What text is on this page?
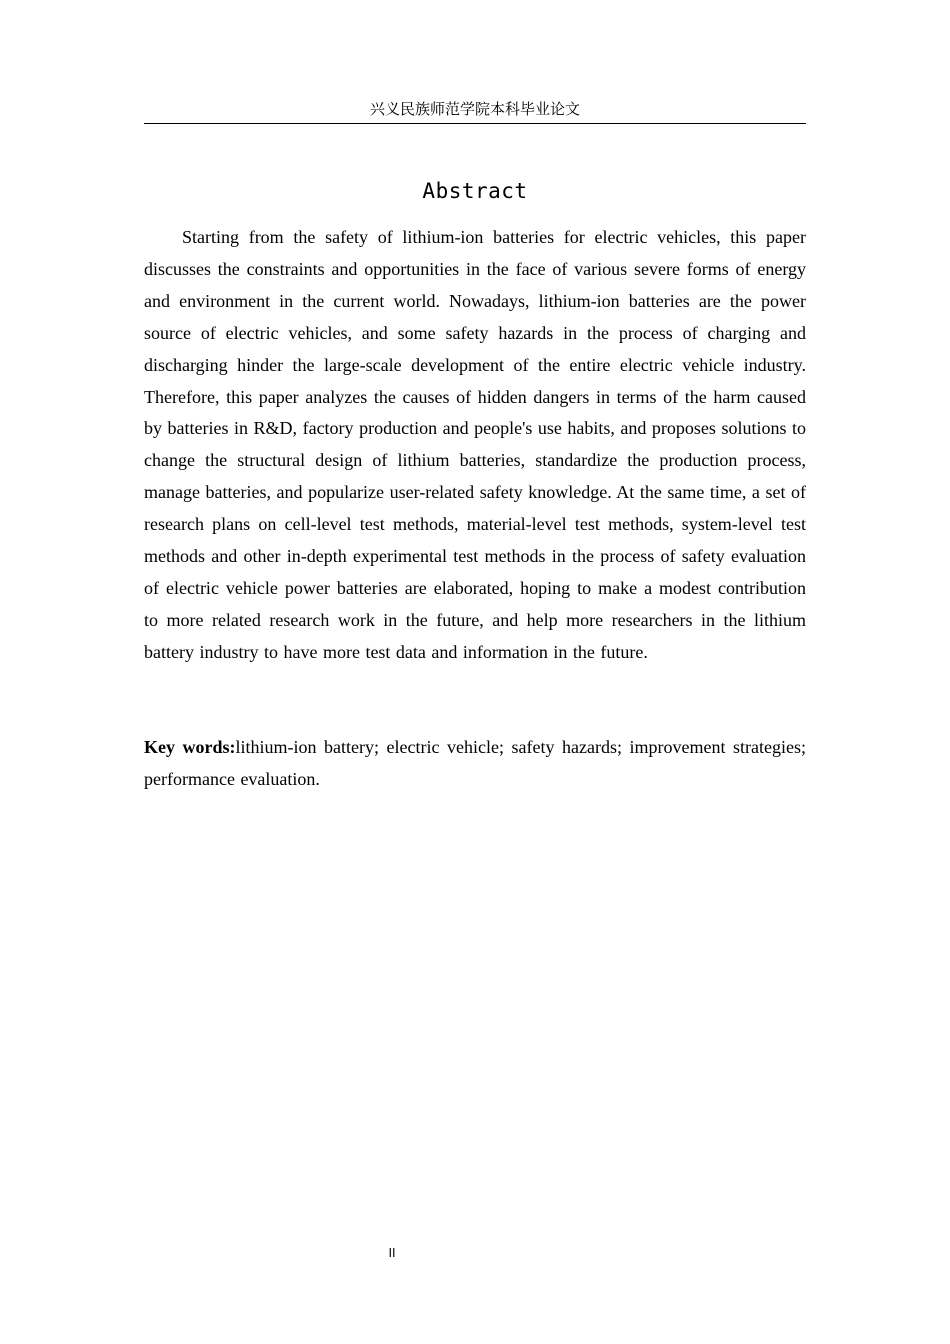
兴义民族师范学院本科毕业论文
Abstract

Starting from the safety of lithium-ion batteries for electric vehicles, this paper discusses the constraints and opportunities in the face of various severe forms of energy and environment in the current world. Nowadays, lithium-ion batteries are the power source of electric vehicles, and some safety hazards in the process of charging and discharging hinder the large-scale development of the entire electric vehicle industry. Therefore, this paper analyzes the causes of hidden dangers in terms of the harm caused by batteries in R&D, factory production and people's use habits, and proposes solutions to change the structural design of lithium batteries, standardize the production process, manage batteries, and popularize user-related safety knowledge. At the same time, a set of research plans on cell-level test methods, material-level test methods, system-level test methods and other in-depth experimental test methods in the process of safety evaluation of electric vehicle power batteries are elaborated, hoping to make a modest contribution to more related research work in the future, and help more researchers in the lithium battery industry to have more test data and information in the future.

Key words:lithium-ion battery; electric vehicle; safety hazards; improvement strategies; performance evaluation.

II
